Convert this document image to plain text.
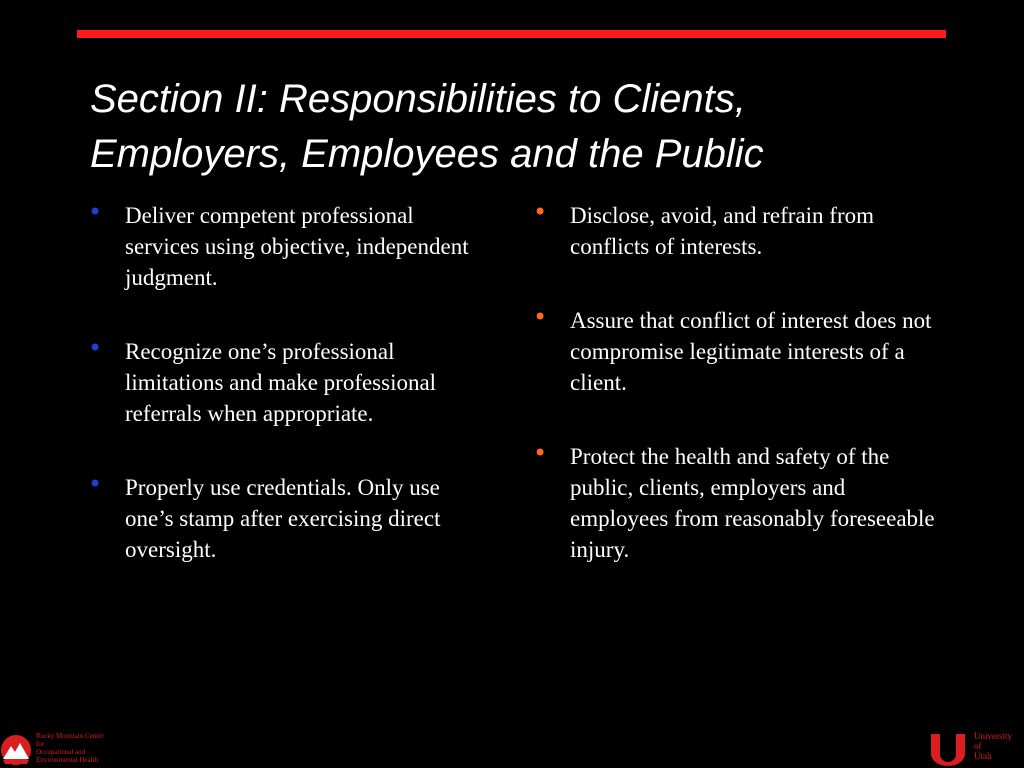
Section II: Responsibilities to Clients,
Employers, Employees and the Public
• Deliver competent professional services using objective, independent judgment.
• Recognize one’s professional limitations and make professional referrals when appropriate.
• Properly use credentials. Only use one’s stamp after exercising direct oversight.
• Disclose, avoid, and refrain from conflicts of interests.
• Assure that conflict of interest does not compromise legitimate interests of a client.
• Protect the health and safety of the public, clients, employers and employees from reasonably foreseeable injury.
Rocky Mountain Center
for
Occupational and
Environmental Health
University
of
Utah
